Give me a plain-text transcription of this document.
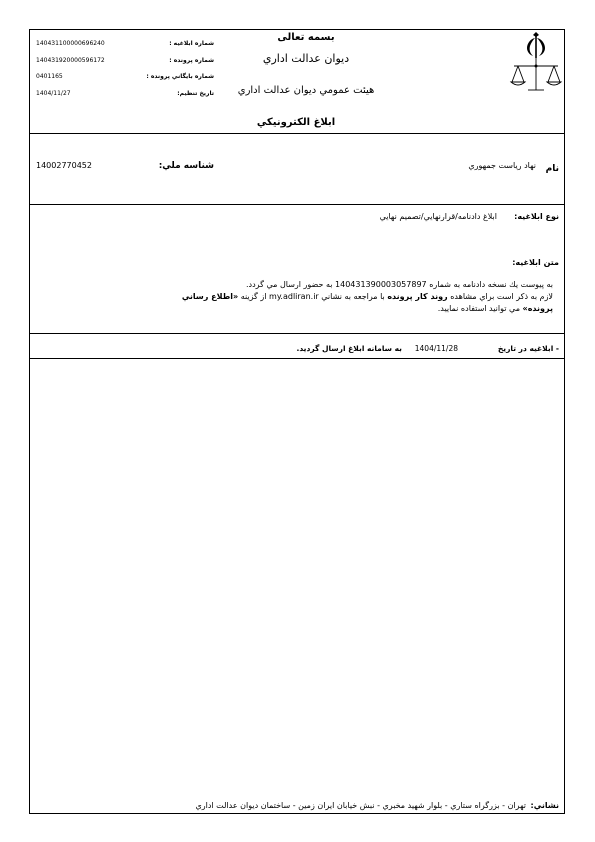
140431100000696240	شماره ابلاغيه :
140431920000596172	شماره پرونده :
0401165	شماره بايگاني پرونده :
1404/11/27	تاريخ تنظيم:
بسمه تعالی
ديوان عدالت اداري
هيئت عمومي ديوان عدالت اداري
ابلاغ الكترونيكي
نام
نهاد رياست جمهوري
شناسه ملي:
14002770452
نوع ابلاغيه:
ابلاغ دادنامه/قرارنهايي/تصميم نهايي
متن ابلاغيه:
به پيوست يك نسخه دادنامه به شماره 140431390003057897 به حضور ارسال مي گردد.
لازم به ذكر است براي مشاهده روند كار پرونده با مراجعه به نشاني my.adliran.ir از گزينه «اطلاع رساني
پرونده» مي توانيد استفاده نماييد.
- ابلاغيه در تاريخ
1404/11/28
به سامانه ابلاغ ارسال گرديد.
نشاني:
تهران - بزرگراه ستاري - بلوار شهيد مخبري - نبش خيابان ايران زمين - ساختمان ديوان عدالت اداري
